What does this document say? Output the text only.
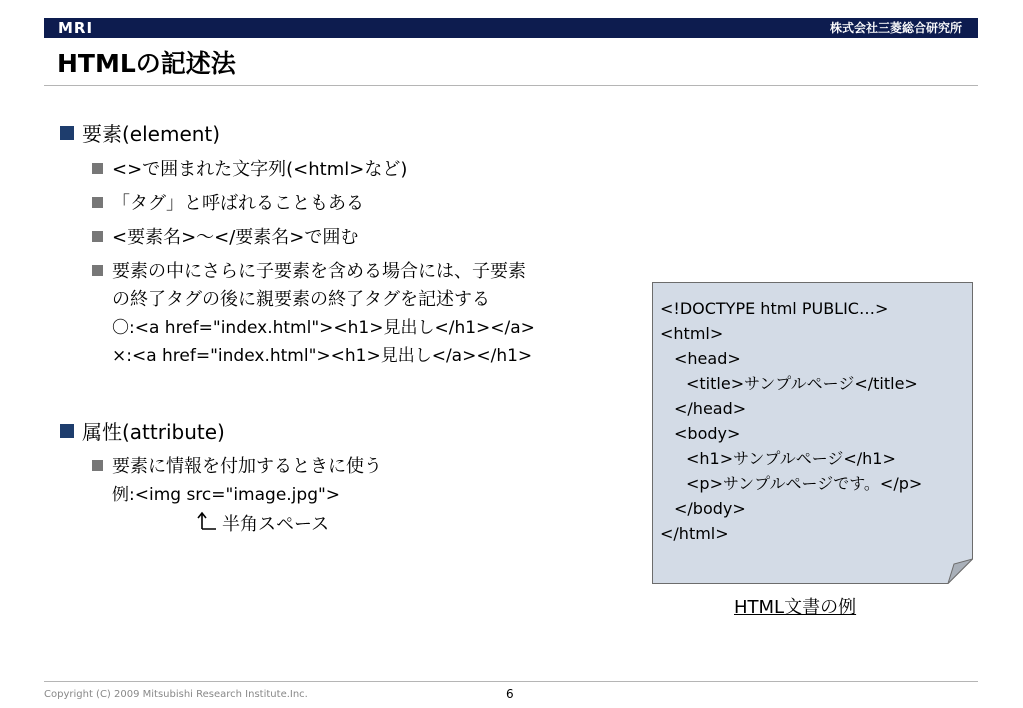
MRI	株式会社三菱総合研究所
HTMLの記述法
要素(element)
<>で囲まれた文字列(<html>など)
「タグ」と呼ばれることもある
<要素名>〜</要素名>で囲む
要素の中にさらに子要素を含める場合には、子要素
の終了タグの後に親要素の終了タグを記述する
〇:<a href="index.html"><h1>見出し</h1></a>
×:<a href="index.html"><h1>見出し</a></h1>
属性(attribute)
要素に情報を付加するときに使う
例:<img src="image.jpg">
半角スペース
<!DOCTYPE html PUBLIC…>
<html>
<head>
<title>サンプルページ</title>
</head>
<body>
<h1>サンプルページ</h1>
<p>サンプルページです。</p>
</body>
</html>
HTML文書の例
Copyright (C) 2009 Mitsubishi Research Institute.Inc.	6
